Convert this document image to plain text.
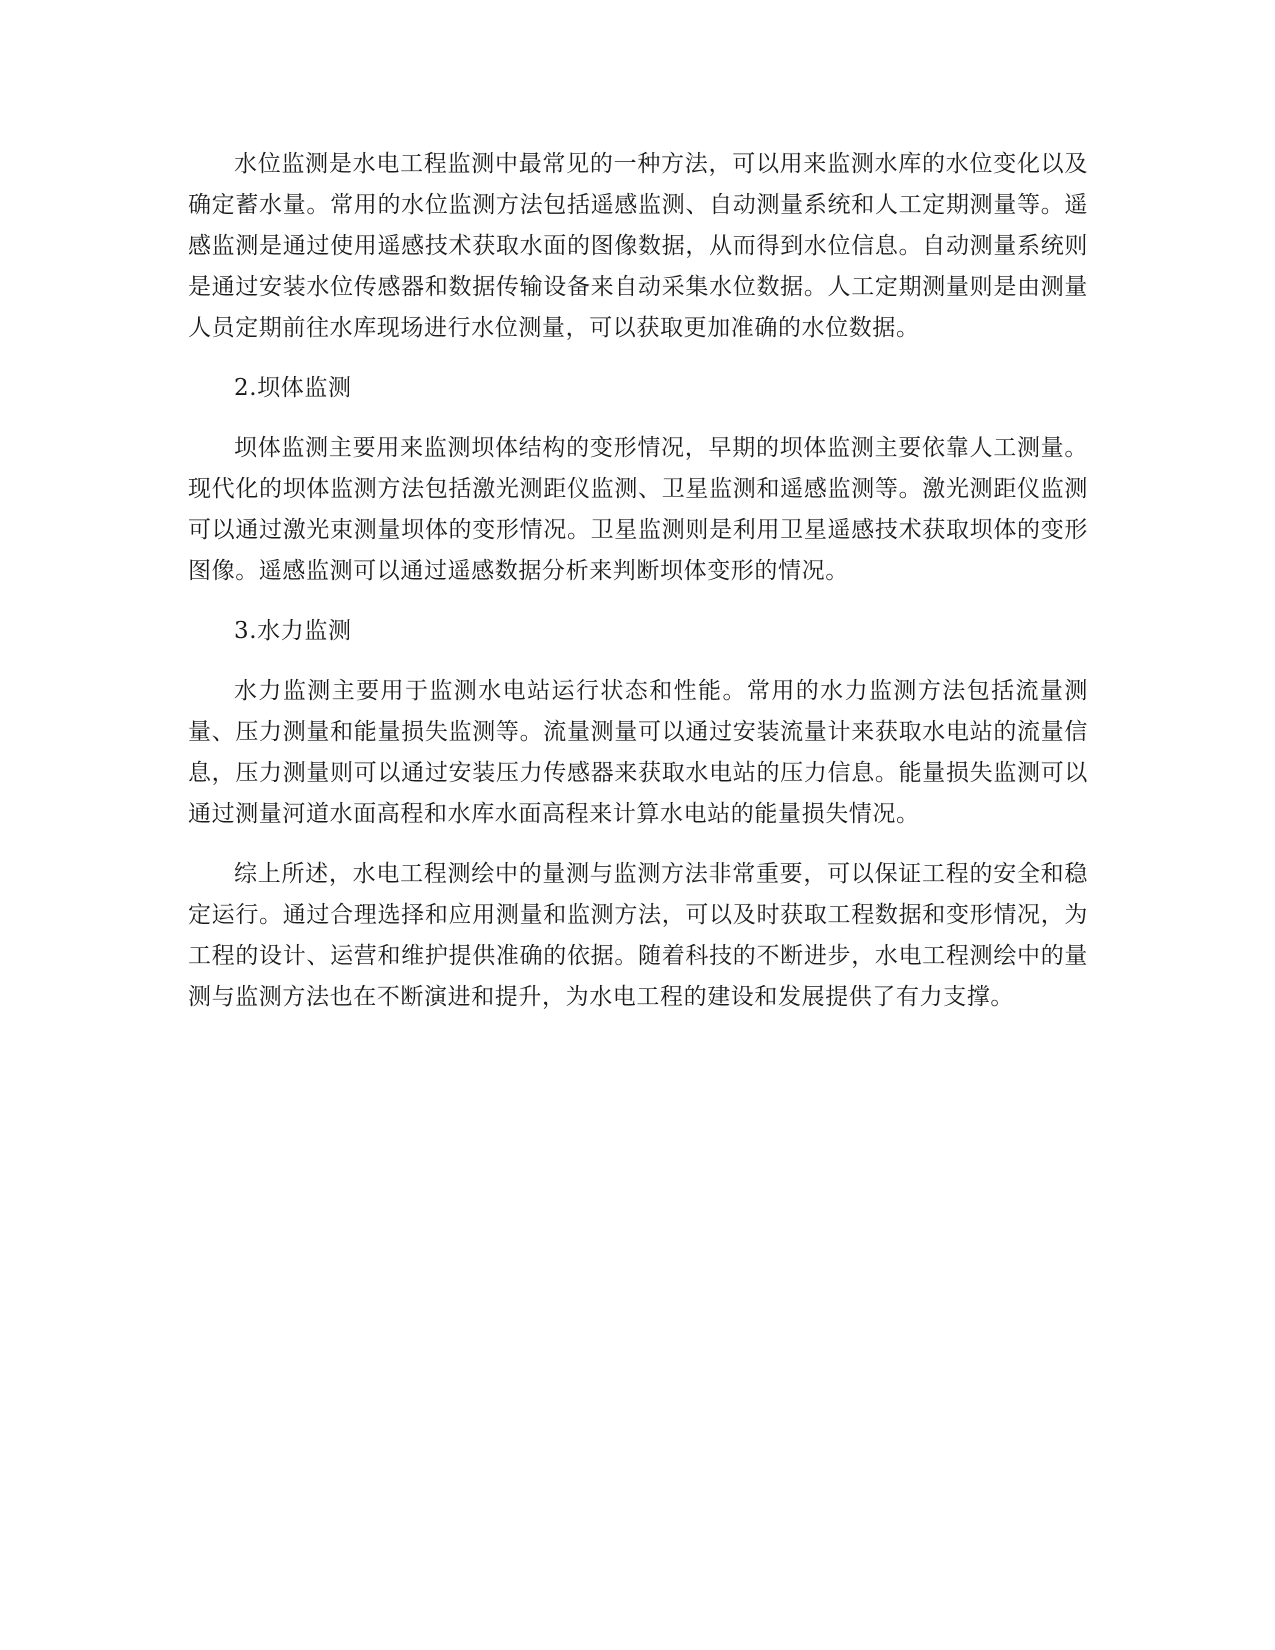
水位监测是水电工程监测中最常见的一种方法，可以用来监测水库的水位变化以及确定蓄水量。常用的水位监测方法包括遥感监测、自动测量系统和人工定期测量等。遥感监测是通过使用遥感技术获取水面的图像数据，从而得到水位信息。自动测量系统则是通过安装水位传感器和数据传输设备来自动采集水位数据。人工定期测量则是由测量人员定期前往水库现场进行水位测量，可以获取更加准确的水位数据。

2.坝体监测

坝体监测主要用来监测坝体结构的变形情况，早期的坝体监测主要依靠人工测量。现代化的坝体监测方法包括激光测距仪监测、卫星监测和遥感监测等。激光测距仪监测可以通过激光束测量坝体的变形情况。卫星监测则是利用卫星遥感技术获取坝体的变形图像。遥感监测可以通过遥感数据分析来判断坝体变形的情况。

3.水力监测

水力监测主要用于监测水电站运行状态和性能。常用的水力监测方法包括流量测量、压力测量和能量损失监测等。流量测量可以通过安装流量计来获取水电站的流量信息，压力测量则可以通过安装压力传感器来获取水电站的压力信息。能量损失监测可以通过测量河道水面高程和水库水面高程来计算水电站的能量损失情况。

综上所述，水电工程测绘中的量测与监测方法非常重要，可以保证工程的安全和稳定运行。通过合理选择和应用测量和监测方法，可以及时获取工程数据和变形情况，为工程的设计、运营和维护提供准确的依据。随着科技的不断进步，水电工程测绘中的量测与监测方法也在不断演进和提升，为水电工程的建设和发展提供了有力支撑。
